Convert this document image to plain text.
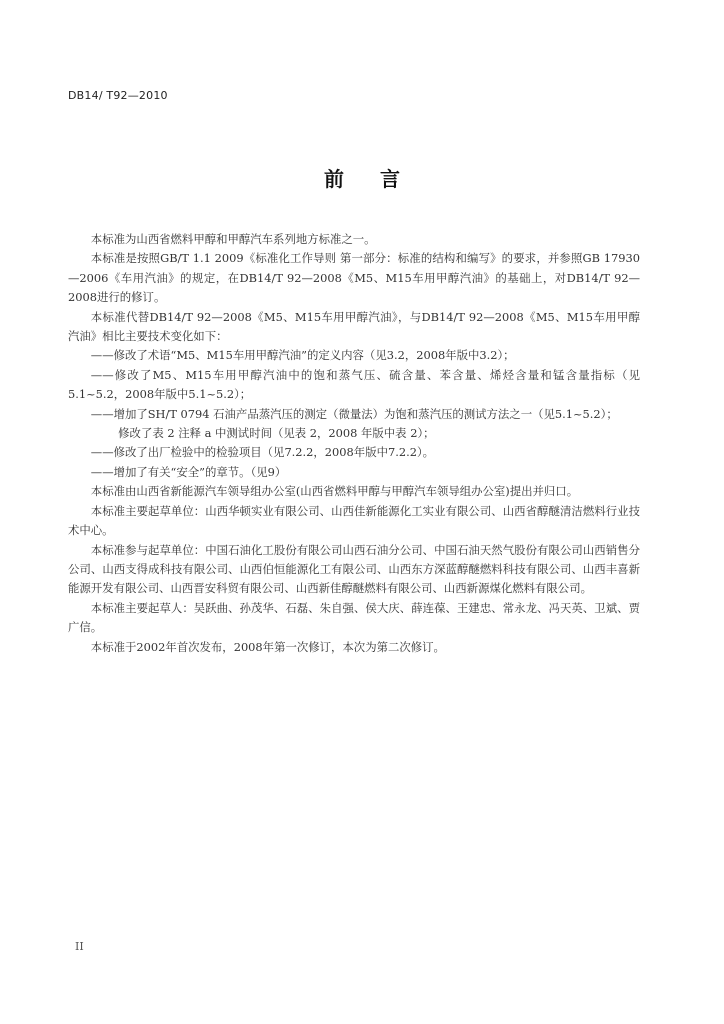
DB14/ T92—2010
前 言

本标准为山西省燃料甲醇和甲醇汽车系列地方标准之一。

本标准是按照GB/T 1.1 2009《标准化工作导则 第一部分：标准的结构和编写》的要求，并参照GB 17930—2006《车用汽油》的规定，在DB14/T 92—2008《M5、M15车用甲醇汽油》的基础上，对DB14/T 92—2008进行的修订。

本标准代替DB14/T 92—2008《M5、M15车用甲醇汽油》，与DB14/T 92—2008《M5、M15车用甲醇汽油》相比主要技术变化如下：

——修改了术语“M5、M15车用甲醇汽油”的定义内容（见3.2，2008年版中3.2）；

——修改了M5、M15车用甲醇汽油中的饱和蒸气压、硫含量、苯含量、烯烃含量和锰含量指标（见5.1~5.2，2008年版中5.1~5.2）；

——增加了SH/T 0794 石油产品蒸汽压的测定（微量法）为饱和蒸汽压的测试方法之一（见5.1~5.2）；

修改了表 2 注释 a 中测试时间（见表 2，2008 年版中表 2）；

——修改了出厂检验中的检验项目（见7.2.2，2008年版中7.2.2）。

——增加了有关“安全”的章节。（见9）

本标准由山西省新能源汽车领导组办公室(山西省燃料甲醇与甲醇汽车领导组办公室)提出并归口。

本标准主要起草单位：山西华顿实业有限公司、山西佳新能源化工实业有限公司、山西省醇醚清洁燃料行业技术中心。

本标准参与起草单位：中国石油化工股份有限公司山西石油分公司、中国石油天然气股份有限公司山西销售分公司、山西支得成科技有限公司、山西伯恒能源化工有限公司、山西东方深蓝醇醚燃料科技有限公司、山西丰喜新能源开发有限公司、山西晋安科贸有限公司、山西新佳醇醚燃料有限公司、山西新源煤化燃料有限公司。

本标准主要起草人：吴跃曲、孙茂华、石磊、朱自强、侯大庆、薛连葆、王建忠、常永龙、冯天英、卫斌、贾广信。

本标准于2002年首次发布，2008年第一次修订，本次为第二次修订。

II
